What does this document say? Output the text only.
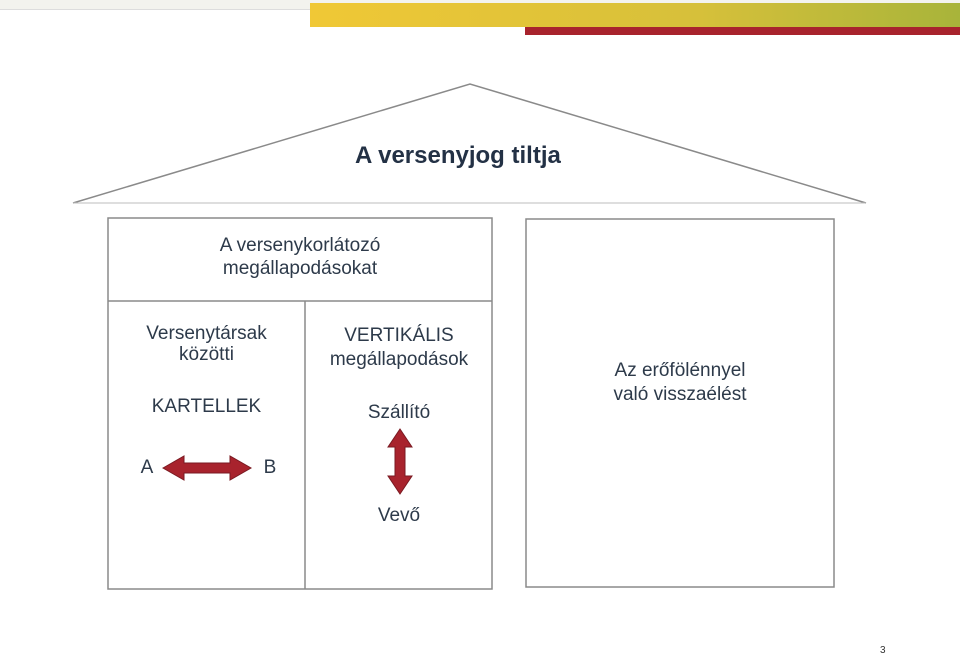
A versenyjog tiltja
A versenykorlátozó
megállapodásokat
Versenytársak
közötti
KARTELLEK
A	B
VERTIKÁLIS
megállapodások
Szállító
Vevő
Az erőfölénnyel
való visszaélést
3
